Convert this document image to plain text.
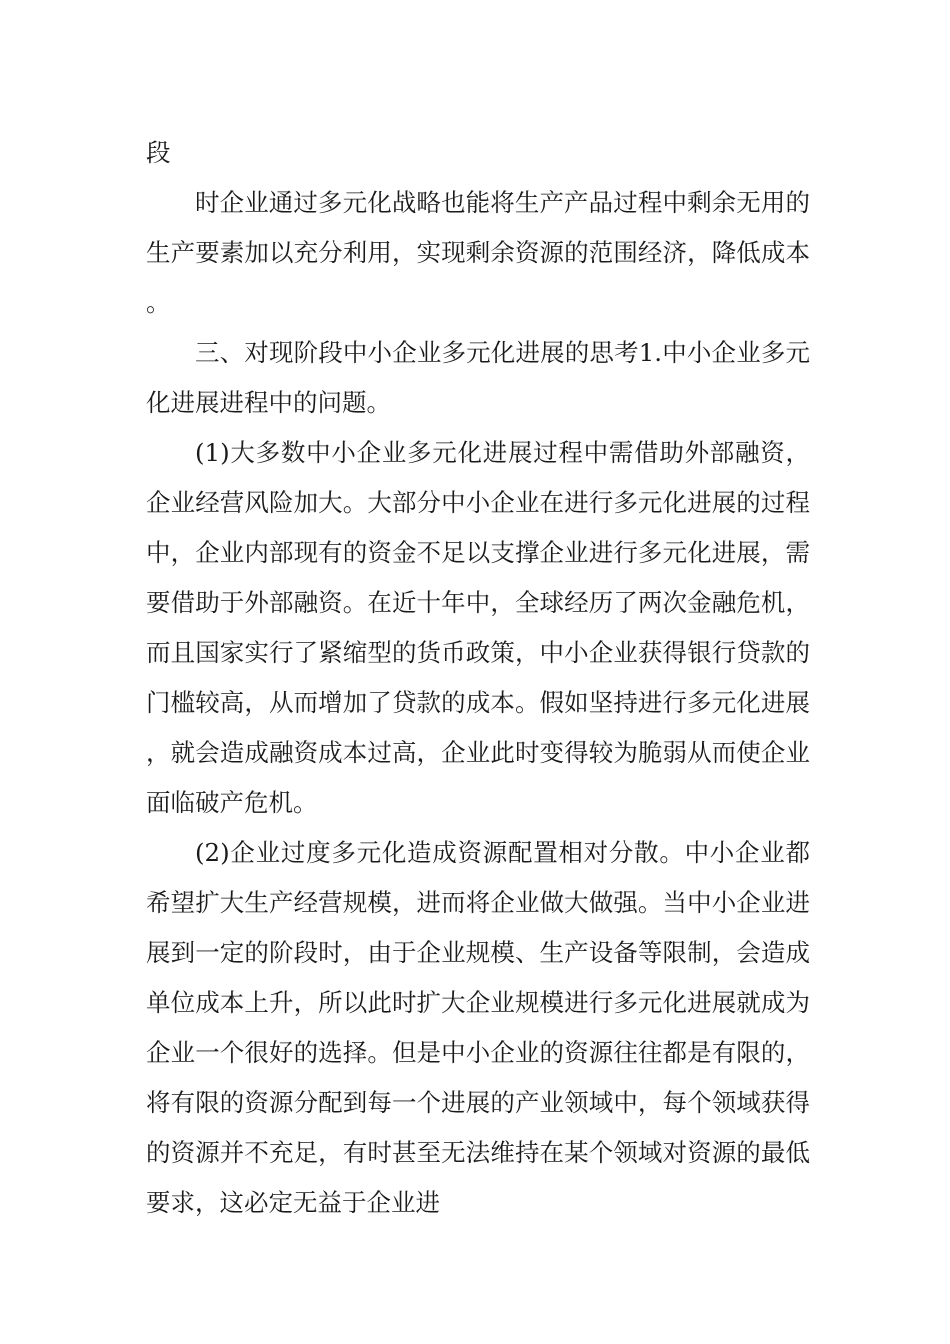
段

时企业通过多元化战略也能将生产产品过程中剩余无用的生产要素加以充分利用，实现剩余资源的范围经济，降低成本。

三、对现阶段中小企业多元化进展的思考1.中小企业多元化进展进程中的问题。

(1)大多数中小企业多元化进展过程中需借助外部融资，企业经营风险加大。大部分中小企业在进行多元化进展的过程中，企业内部现有的资金不足以支撑企业进行多元化进展，需要借助于外部融资。在近十年中，全球经历了两次金融危机，而且国家实行了紧缩型的货币政策，中小企业获得银行贷款的门槛较高，从而增加了贷款的成本。假如坚持进行多元化进展，就会造成融资成本过高，企业此时变得较为脆弱从而使企业面临破产危机。

(2)企业过度多元化造成资源配置相对分散。中小企业都希望扩大生产经营规模，进而将企业做大做强。当中小企业进展到一定的阶段时，由于企业规模、生产设备等限制，会造成单位成本上升，所以此时扩大企业规模进行多元化进展就成为企业一个很好的选择。但是中小企业的资源往往都是有限的，将有限的资源分配到每一个进展的产业领域中，每个领域获得的资源并不充足，有时甚至无法维持在某个领域对资源的最低要求，这必定无益于企业进
